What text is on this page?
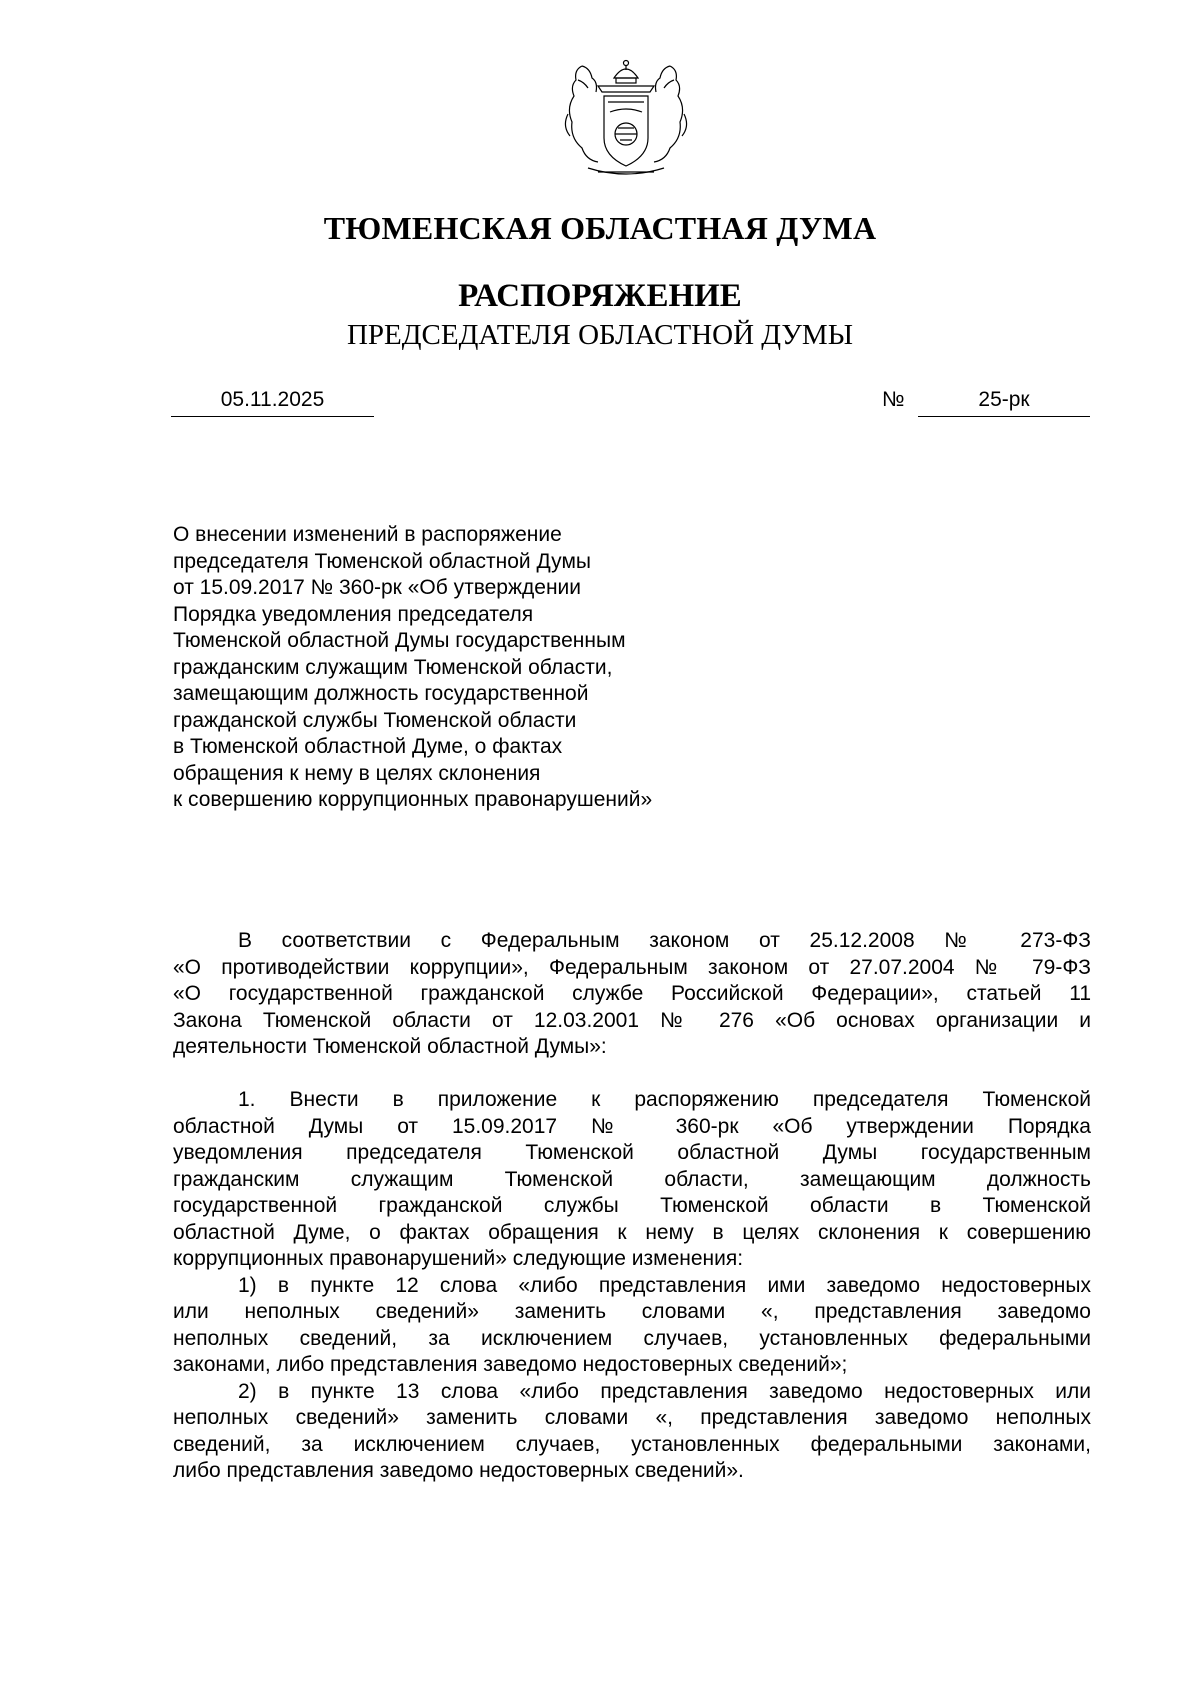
ТЮМЕНСКАЯ ОБЛАСТНАЯ ДУМА
РАСПОРЯЖЕНИЕ
ПРЕДСЕДАТЕЛЯ ОБЛАСТНОЙ ДУМЫ
05.11.2025	№	25-рк
О внесении изменений в распоряжение
председателя Тюменской областной Думы
от 15.09.2017 № 360-рк «Об утверждении
Порядка уведомления председателя
Тюменской областной Думы государственным
гражданским служащим Тюменской области,
замещающим должность государственной
гражданской службы Тюменской области
в Тюменской областной Думе, о фактах
обращения к нему в целях склонения
к совершению коррупционных правонарушений»
В соответствии с Федеральным законом от 25.12.2008 № 273-ФЗ
«О противодействии коррупции», Федеральным законом от 27.07.2004 № 79-ФЗ
«О государственной гражданской службе Российской Федерации», статьей 11
Закона Тюменской области от 12.03.2001 № 276 «Об основах организации и
деятельности Тюменской областной Думы»:
1. Внести в приложение к распоряжению председателя Тюменской
областной Думы от 15.09.2017 № 360-рк «Об утверждении Порядка
уведомления председателя Тюменской областной Думы государственным
гражданским служащим Тюменской области, замещающим должность
государственной гражданской службы Тюменской области в Тюменской
областной Думе, о фактах обращения к нему в целях склонения к совершению
коррупционных правонарушений» следующие изменения:
1) в пункте 12 слова «либо представления ими заведомо недостоверных
или неполных сведений» заменить словами «, представления заведомо
неполных сведений, за исключением случаев, установленных федеральными
законами, либо представления заведомо недостоверных сведений»;
2) в пункте 13 слова «либо представления заведомо недостоверных или
неполных сведений» заменить словами «, представления заведомо неполных
сведений, за исключением случаев, установленных федеральными законами,
либо представления заведомо недостоверных сведений».
